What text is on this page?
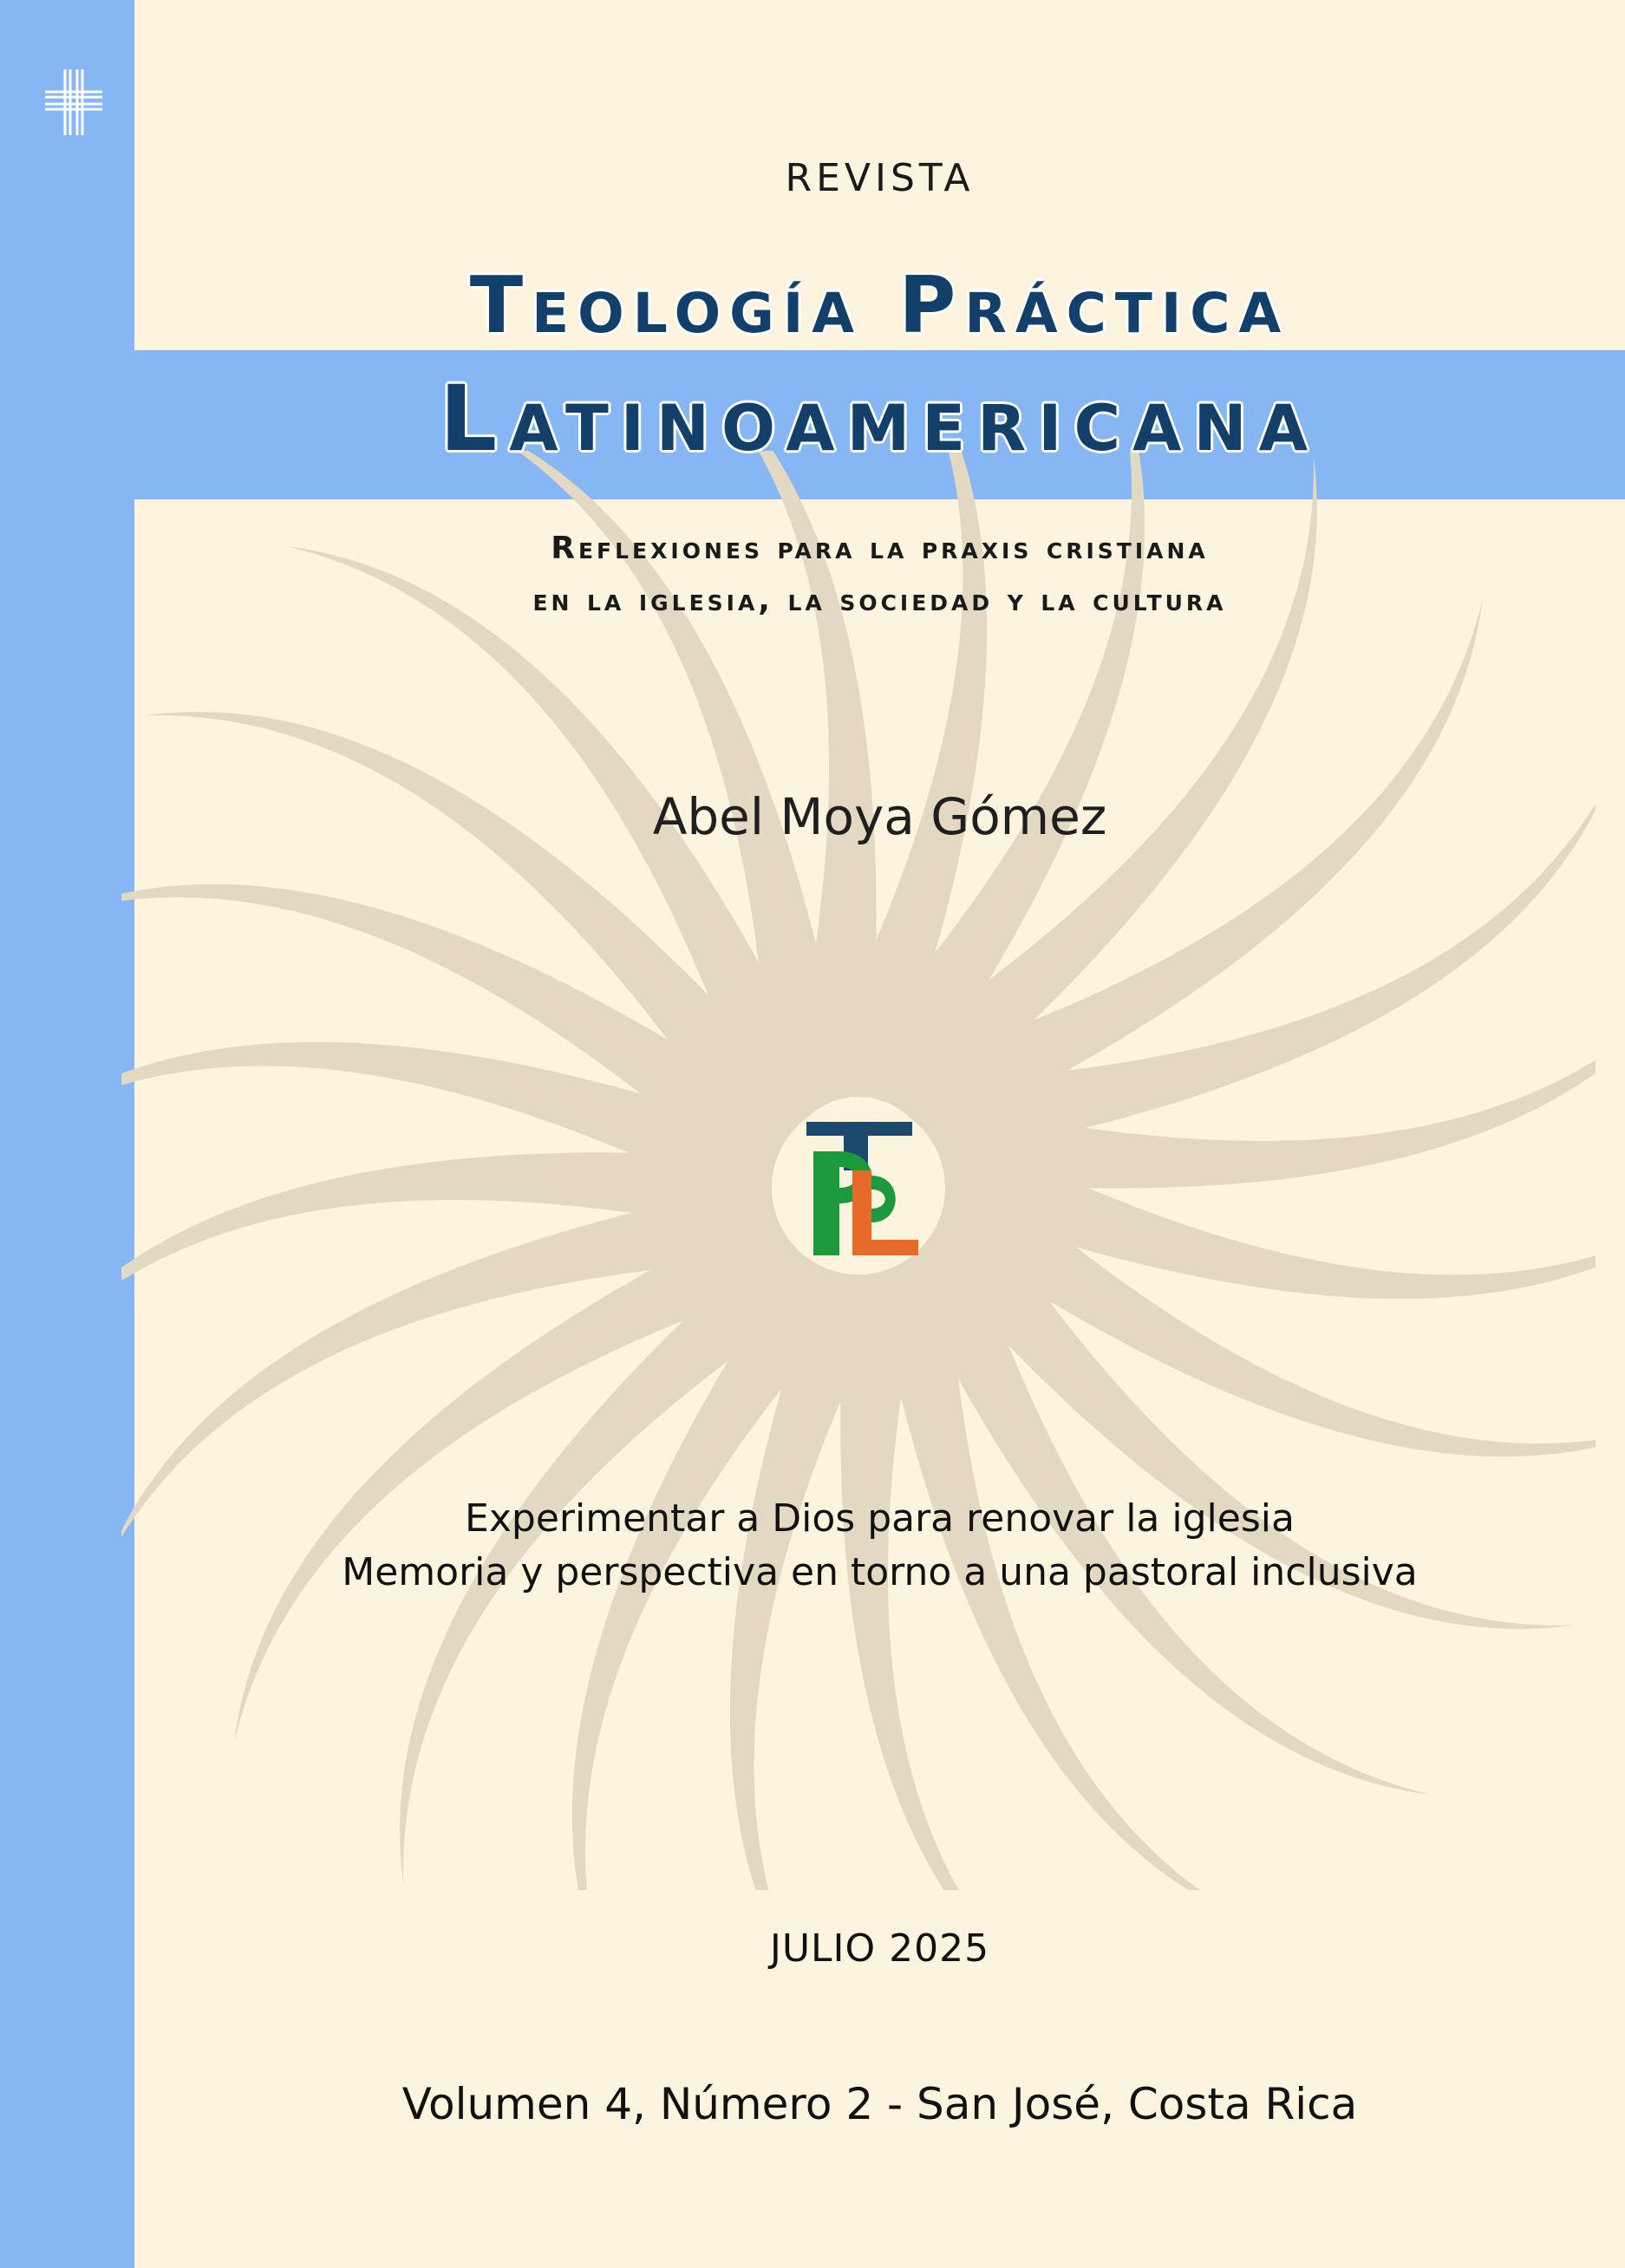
REVISTA
Teología Práctica
Latinoamericana
Reflexiones para la praxis cristiana
en la iglesia, la sociedad y la cultura
Abel Moya Gómez
Experimentar a Dios para renovar la iglesia
Memoria y perspectiva en torno a una pastoral inclusiva
JULIO 2025
Volumen 4, Número 2 - San José, Costa Rica
